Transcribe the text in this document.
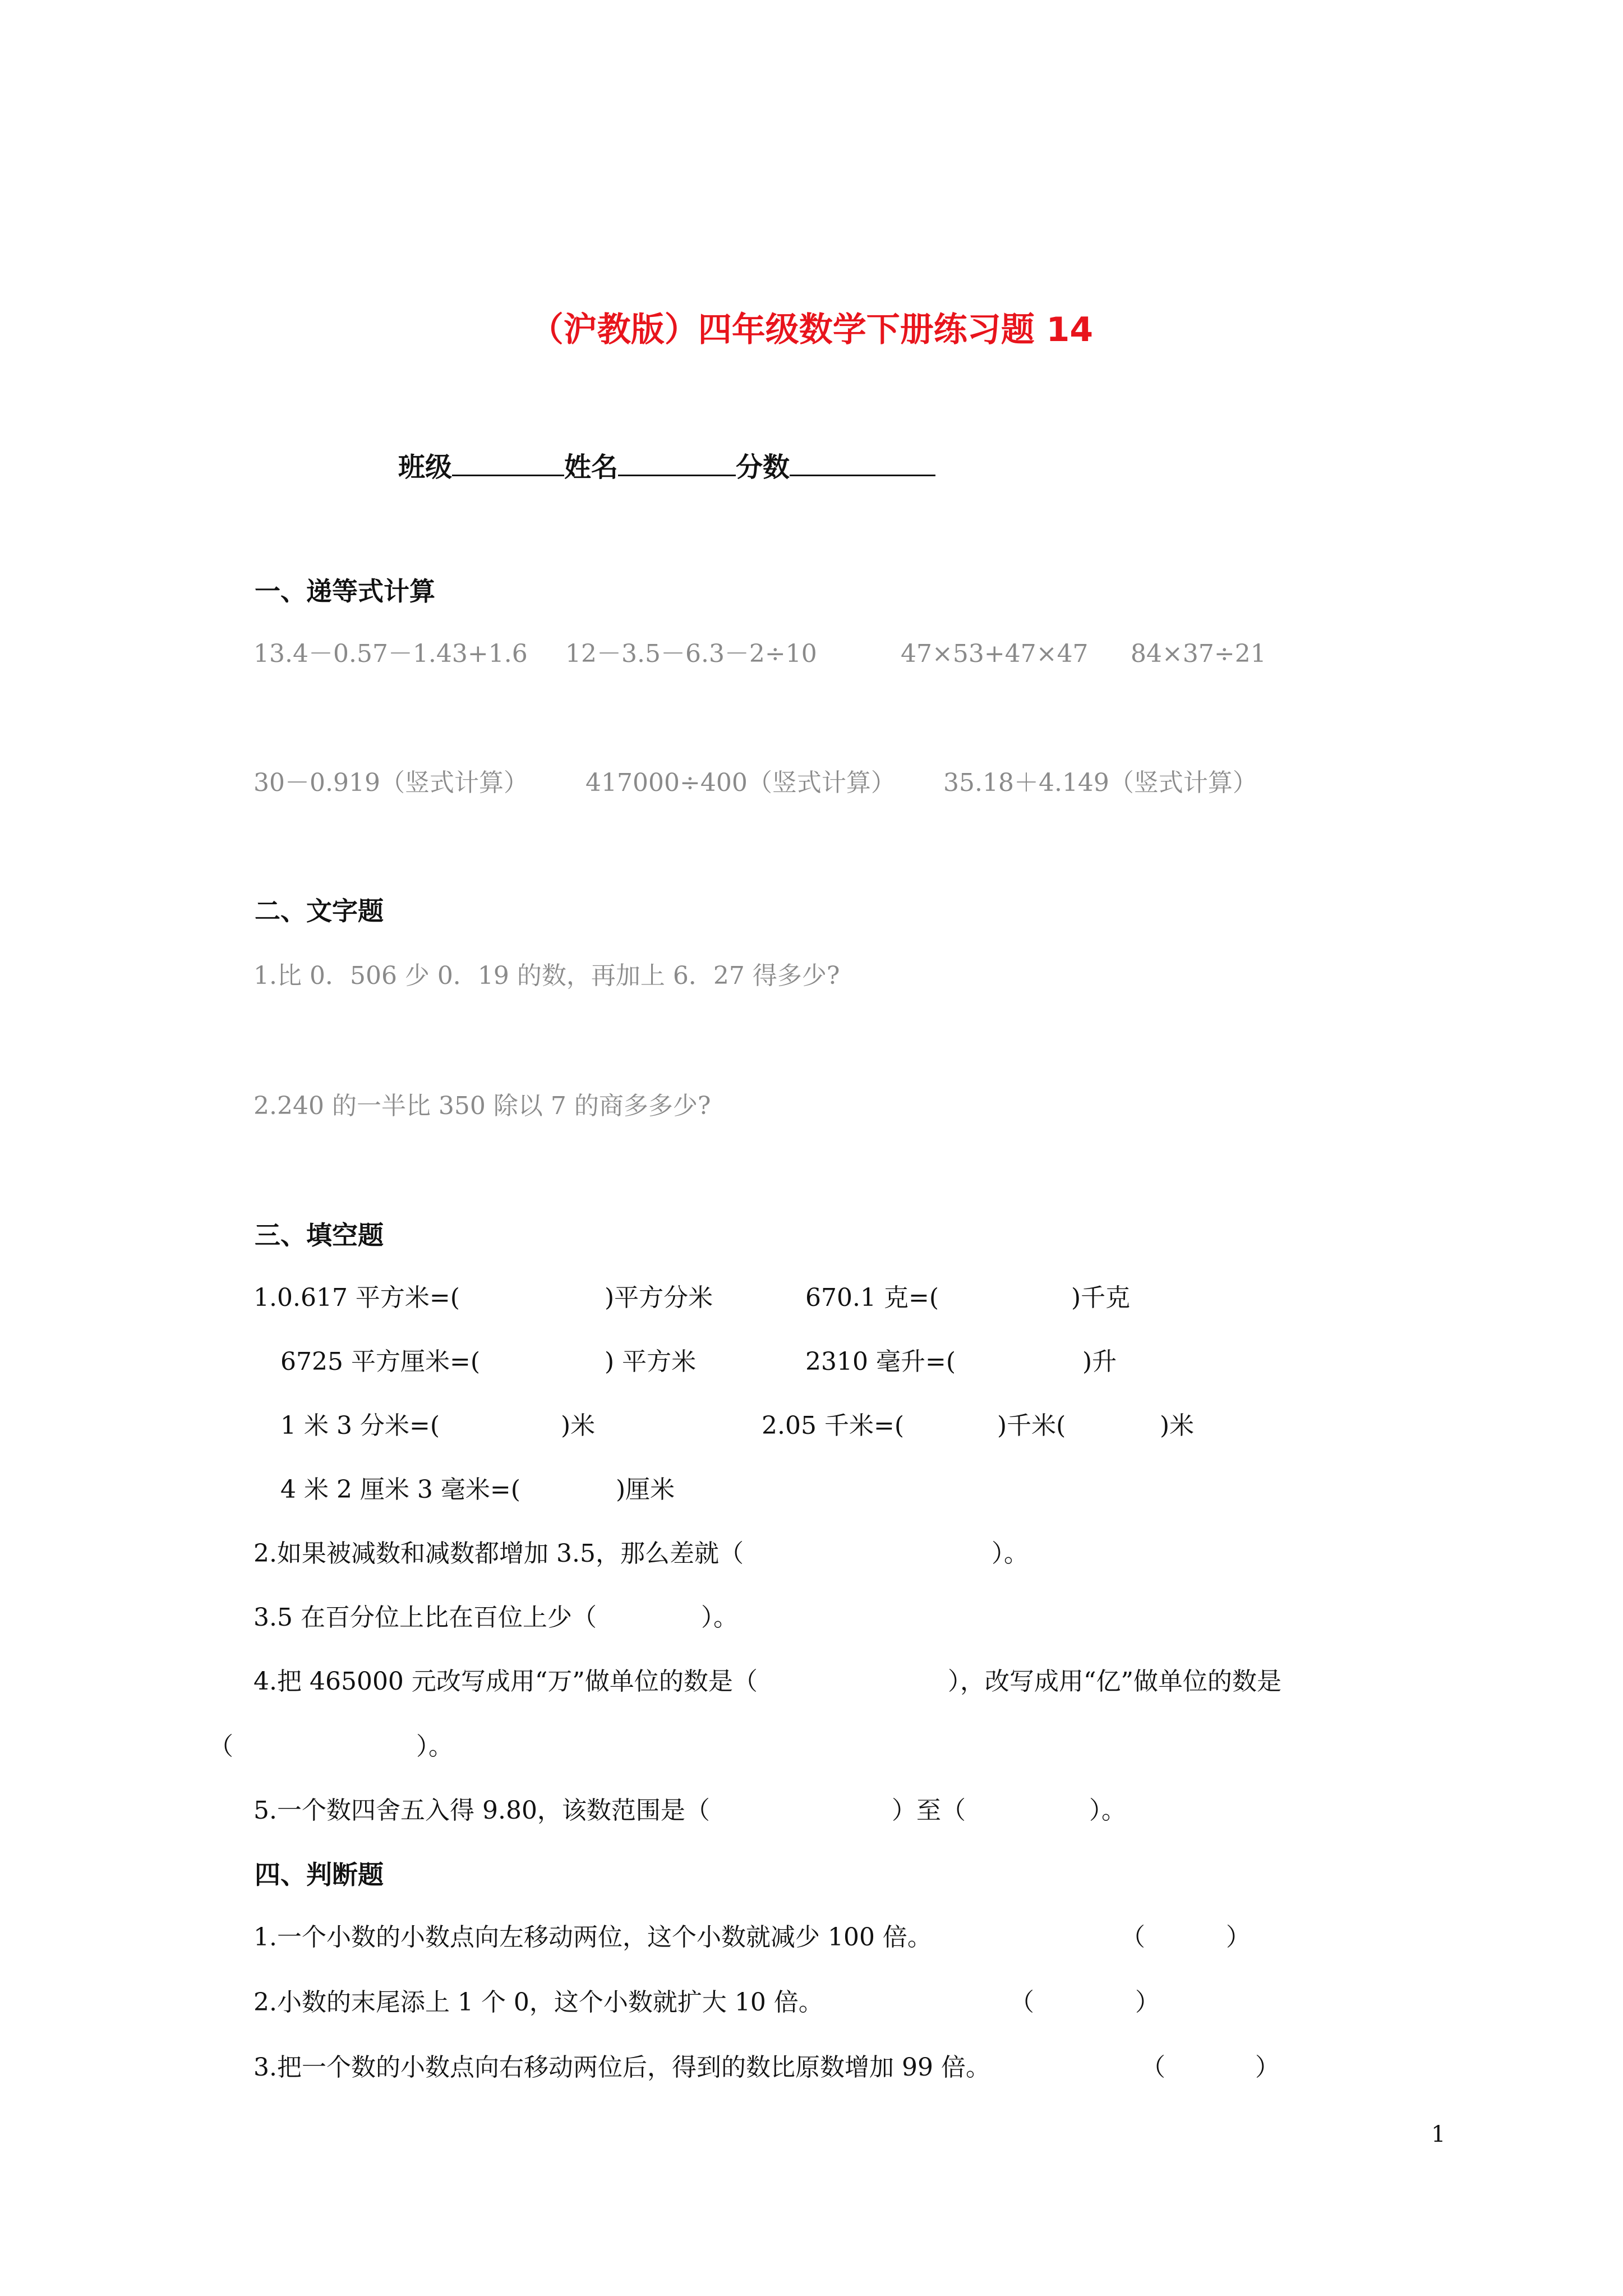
（沪教版）四年级数学下册练习题 14
班级	姓名	分数
一、递等式计算
13.4－0.57－1.43+1.6 12－3.5－6.3－2÷10	47×53+47×47 84×37÷21
30－0.919（竖式计算） 417000÷400（竖式计算） 35.18＋4.149（竖式计算）
二、文字题
1.比 0．506 少 0．19 的数，再加上 6．27 得多少?
2.240 的一半比 350 除以 7 的商多多少?
三、填空题
1.0.617 平方米=(	)平方分米	670.1 克=(	)千克
6725 平方厘米=(	) 平方米	2310 毫升=(	)升
1 米 3 分米=(	)米	2.05 千米=(	)千米(	)米
4 米 2 厘米 3 毫米=(	)厘米
2.如果被减数和减数都增加 3.5，那么差就（	）。
3.5 在百分位上比在百位上少（	）。
4.把 465000 元改写成用“万”做单位的数是（	），改写成用“亿”做单位的数是
（	）。
5.一个数四舍五入得 9.80，该数范围是（	）至（	）。
四、判断题
1.一个小数的小数点向左移动两位，这个小数就减少 100 倍。	（	）
2.小数的末尾添上 1 个 0，这个小数就扩大 10 倍。	（	）
3.把一个数的小数点向右移动两位后，得到的数比原数增加 99 倍。	（	）
1
